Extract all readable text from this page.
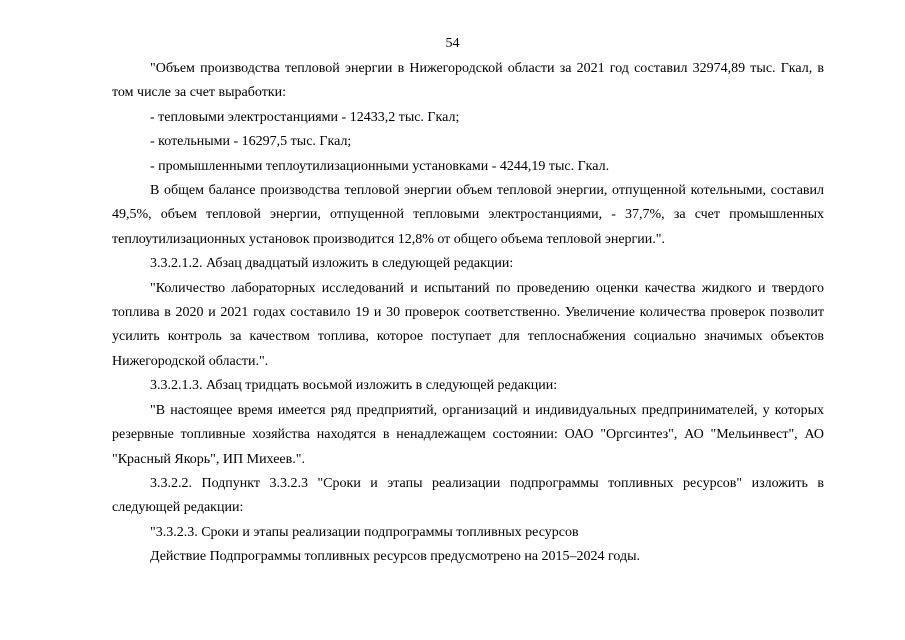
54

"Объем производства тепловой энергии в Нижегородской области за 2021 год составил 32974,89 тыс. Гкал, в том числе за счет выработки:

- тепловыми электростанциями - 12433,2 тыс. Гкал;

- котельными - 16297,5 тыс. Гкал;

- промышленными теплоутилизационными установками - 4244,19 тыс. Гкал.

В общем балансе производства тепловой энергии объем тепловой энергии, отпущенной котельными, составил 49,5%, объем тепловой энергии, отпущенной тепловыми электростанциями, - 37,7%, за счет промышленных теплоутилизационных установок производится 12,8% от общего объема тепловой энергии.".

3.3.2.1.2. Абзац двадцатый изложить в следующей редакции:

"Количество лабораторных исследований и испытаний по проведению оценки качества жидкого и твердого топлива в 2020 и 2021 годах составило 19 и 30 проверок соответственно. Увеличение количества проверок позволит усилить контроль за качеством топлива, которое поступает для теплоснабжения социально значимых объектов Нижегородской области.".

3.3.2.1.3. Абзац тридцать восьмой изложить в следующей редакции:

"В настоящее время имеется ряд предприятий, организаций и индивидуальных предпринимателей, у которых резервные топливные хозяйства находятся в ненадлежащем состоянии: ОАО "Оргсинтез", АО "Мельинвест", АО "Красный Якорь", ИП Михеев.".

3.3.2.2. Подпункт 3.3.2.3 "Сроки и этапы реализации подпрограммы топливных ресурсов" изложить в следующей редакции:

"3.3.2.3. Сроки и этапы реализации подпрограммы топливных ресурсов

Действие Подпрограммы топливных ресурсов предусмотрено на 2015–2024 годы.
